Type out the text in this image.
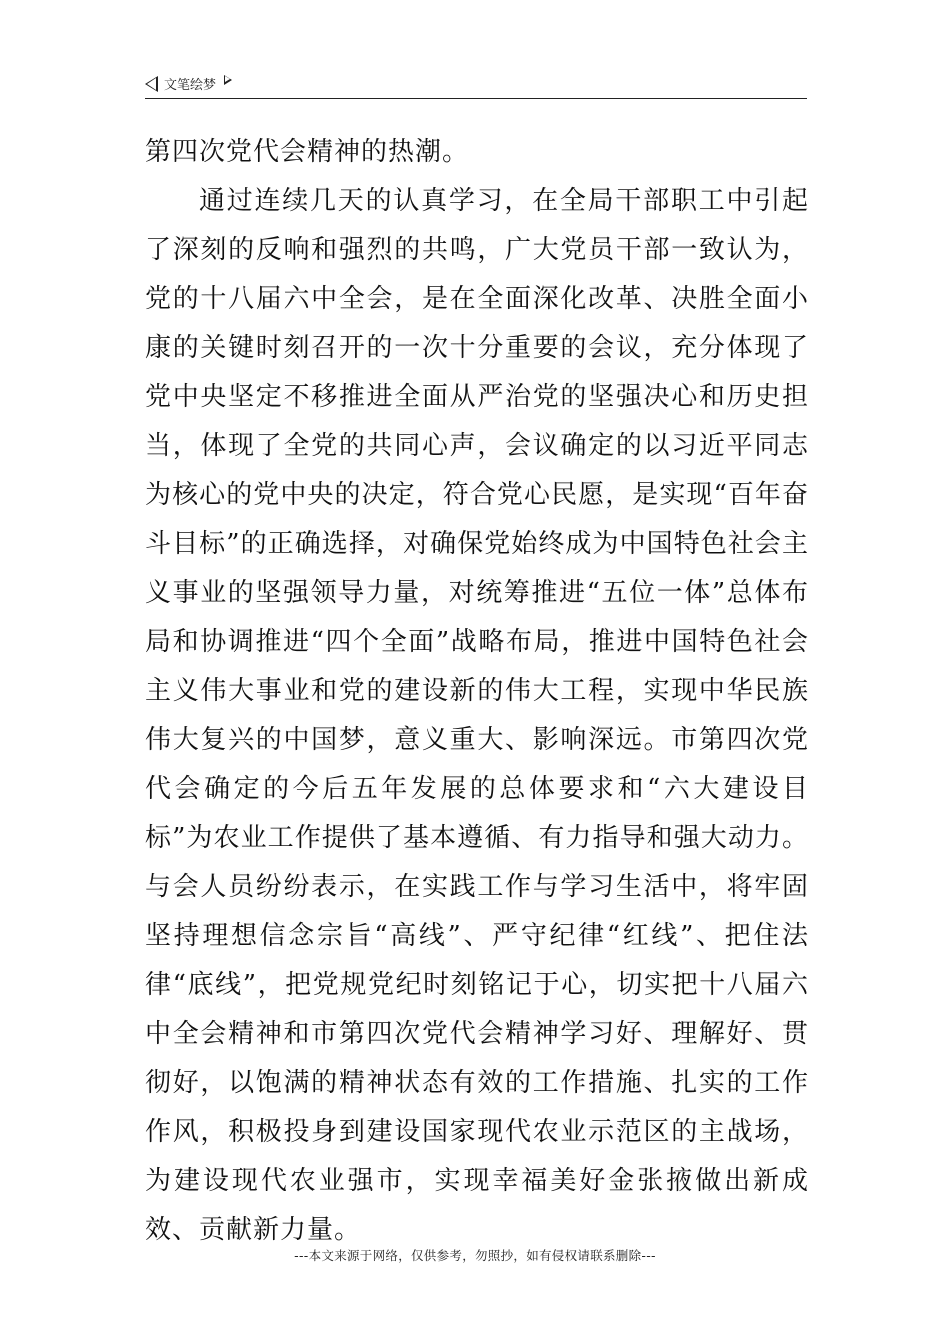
文笔绘梦

第四次党代会精神的热潮。

通过连续几天的认真学习，在全局干部职工中引起了深刻的反响和强烈的共鸣，广大党员干部一致认为，党的十八届六中全会，是在全面深化改革、决胜全面小康的关键时刻召开的一次十分重要的会议，充分体现了党中央坚定不移推进全面从严治党的坚强决心和历史担当，体现了全党的共同心声，会议确定的以习近平同志为核心的党中央的决定，符合党心民愿，是实现“百年奋斗目标”的正确选择，对确保党始终成为中国特色社会主义事业的坚强领导力量，对统筹推进“五位一体”总体布局和协调推进“四个全面”战略布局，推进中国特色社会主义伟大事业和党的建设新的伟大工程，实现中华民族伟大复兴的中国梦，意义重大、影响深远。市第四次党代会确定的今后五年发展的总体要求和“六大建设目标”为农业工作提供了基本遵循、有力指导和强大动力。与会人员纷纷表示，在实践工作与学习生活中，将牢固坚持理想信念宗旨“高线”、严守纪律“红线”、把住法律“底线”，把党规党纪时刻铭记于心，切实把十八届六中全会精神和市第四次党代会精神学习好、理解好、贯彻好，以饱满的精神状态有效的工作措施、扎实的工作作风，积极投身到建设国家现代农业示范区的主战场，为建设现代农业强市，实现幸福美好金张掖做出新成效、贡献新力量。

---本文来源于网络，仅供参考，勿照抄，如有侵权请联系删除---
